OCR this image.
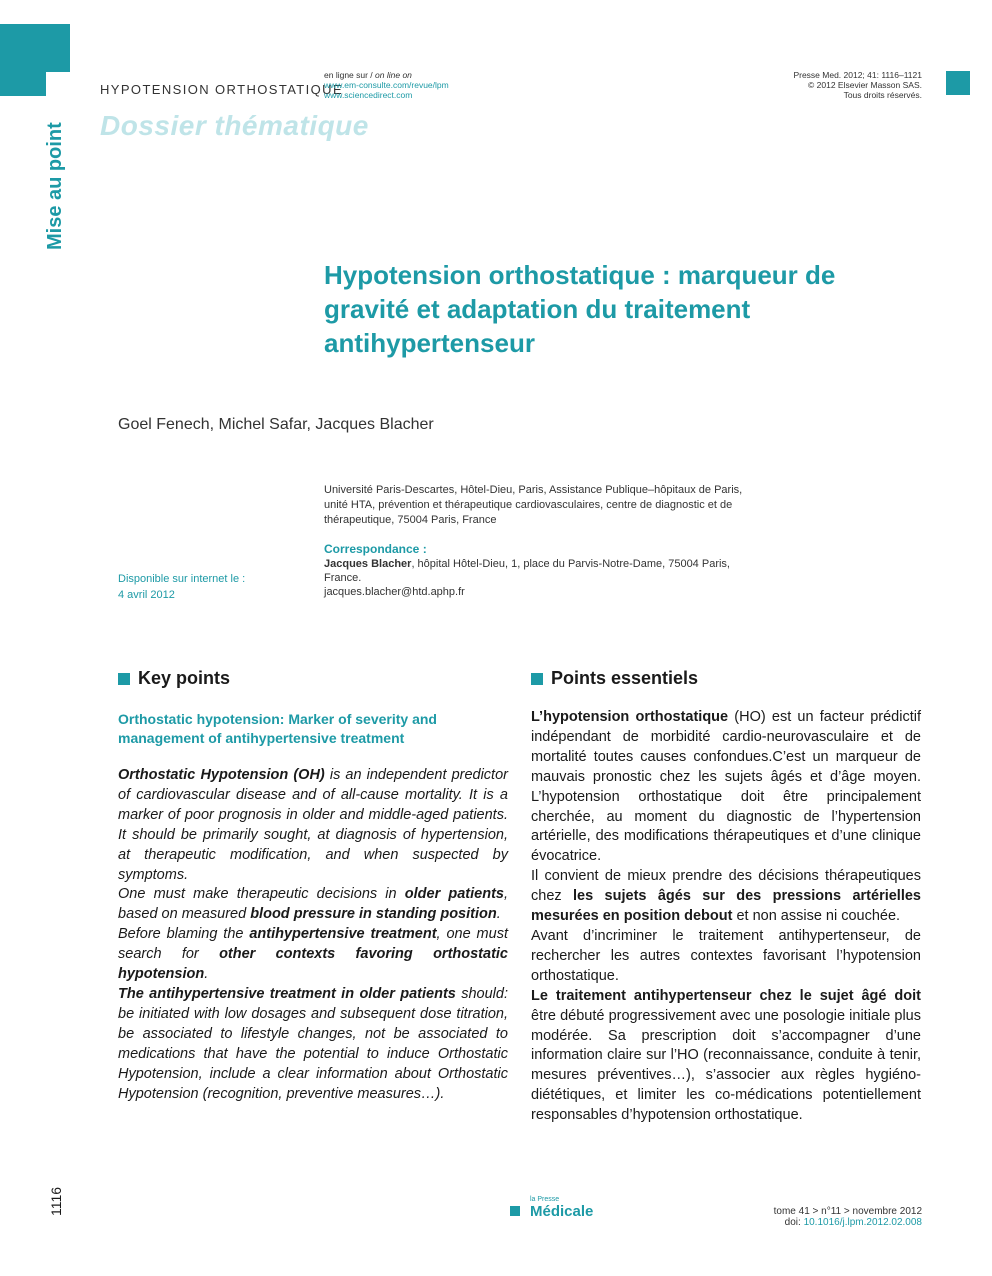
HYPOTENSION ORTHOSTATIQUE
en ligne sur / on line on
www.em-consulte.com/revue/lpm
www.sciencedirect.com
Presse Med. 2012; 41: 1116–1121
© 2012 Elsevier Masson SAS.
Tous droits réservés.
Dossier thématique
Mise au point
Hypotension orthostatique : marqueur de gravité et adaptation du traitement antihypertenseur
Goel Fenech, Michel Safar, Jacques Blacher
Université Paris-Descartes, Hôtel-Dieu, Paris, Assistance Publique–hôpitaux de Paris, unité HTA, prévention et thérapeutique cardiovasculaires, centre de diagnostic et de thérapeutique, 75004 Paris, France
Correspondance :
Jacques Blacher, hôpital Hôtel-Dieu, 1, place du Parvis-Notre-Dame, 75004 Paris, France.
jacques.blacher@htd.aphp.fr
Disponible sur internet le :
4 avril 2012
Key points
Orthostatic hypotension: Marker of severity and management of antihypertensive treatment

Orthostatic Hypotension (OH) is an independent predictor of cardiovascular disease and of all-cause mortality. It is a marker of poor prognosis in older and middle-aged patients. It should be primarily sought, at diagnosis of hypertension, at therapeutic modification, and when suspected by symptoms.

One must make therapeutic decisions in older patients, based on measured blood pressure in standing position.

Before blaming the antihypertensive treatment, one must search for other contexts favoring orthostatic hypotension.

The antihypertensive treatment in older patients should: be initiated with low dosages and subsequent dose titration, be associated to lifestyle changes, not be associated to medications that have the potential to induce Orthostatic Hypotension, include a clear information about Orthostatic Hypotension (recognition, preventive measures…).

Points essentiels

L’hypotension orthostatique (HO) est un facteur prédictif indépendant de morbidité cardio-neurovasculaire et de mortalité toutes causes confondues.C’est un marqueur de mauvais pronostic chez les sujets âgés et d’âge moyen. L’hypotension orthostatique doit être principalement cherchée, au moment du diagnostic de l’hypertension artérielle, des modifications thérapeutiques et d’une clinique évocatrice.

Il convient de mieux prendre des décisions thérapeutiques chez les sujets âgés sur des pressions artérielles mesurées en position debout et non assise ni couchée.

Avant d’incriminer le traitement antihypertenseur, de rechercher les autres contextes favorisant l’hypotension orthostatique.

Le traitement antihypertenseur chez le sujet âgé doit être débuté progressivement avec une posologie initiale plus modérée. Sa prescription doit s’accompagner d’une information claire sur l’HO (reconnaissance, conduite à tenir, mesures préventives…), s’associer aux règles hygiéno-diététiques, et limiter les co-médications potentiellement responsables d’hypotension orthostatique.

1116	la Presse
Médicale	tome 41 > n°11 > novembre 2012
doi: 10.1016/j.lpm.2012.02.008
